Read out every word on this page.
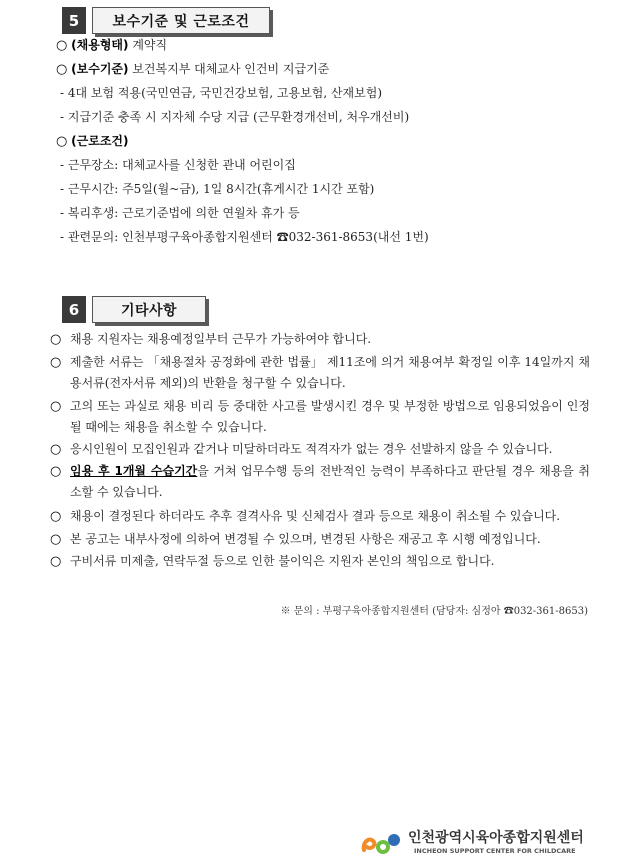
5	보수기준 및 근로조건
○ (채용형태) 계약직
○ (보수기준) 보건복지부 대체교사 인건비 지급기준
- 4대 보험 적용(국민연금, 국민건강보험, 고용보험, 산재보험)
- 지급기준 충족 시 지자체 수당 지급 (근무환경개선비, 처우개선비)
○ (근로조건)
- 근무장소: 대체교사를 신청한 관내 어린이집
- 근무시간: 주5일(월~금), 1일 8시간(휴게시간 1시간 포함)
- 복리후생: 근로기준법에 의한 연월차 휴가 등
- 관련문의: 인천부평구육아종합지원센터 ☎032-361-8653(내선 1번)
6	기타사항
○ 채용 지원자는 채용예정일부터 근무가 가능하여야 합니다.
○ 제출한 서류는 「채용절차 공정화에 관한 법률」 제11조에 의거 채용여부 확정일 이후 14일까지 채용서류(전자서류 제외)의 반환을 청구할 수 있습니다.
○ 고의 또는 과실로 채용 비리 등 중대한 사고를 발생시킨 경우 및 부정한 방법으로 임용되었음이 인정될 때에는 채용을 취소할 수 있습니다.
○ 응시인원이 모집인원과 같거나 미달하더라도 적격자가 없는 경우 선발하지 않을 수 있습니다.
○ 임용 후 1개월 수습기간을 거쳐 업무수행 등의 전반적인 능력이 부족하다고 판단될 경우 채용을 취소할 수 있습니다.
○ 채용이 결정된다 하더라도 추후 결격사유 및 신체검사 결과 등으로 채용이 취소될 수 있습니다.
○ 본 공고는 내부사정에 의하여 변경될 수 있으며, 변경된 사항은 재공고 후 시행 예정입니다.
○ 구비서류 미제출, 연락두절 등으로 인한 불이익은 지원자 본인의 책임으로 합니다.
※ 문의 : 부평구육아종합지원센터 (담당자: 심정아 ☎032-361-8653)
인천광역시육아종합지원센터
INCHEON SUPPORT CENTER FOR CHILDCARE
